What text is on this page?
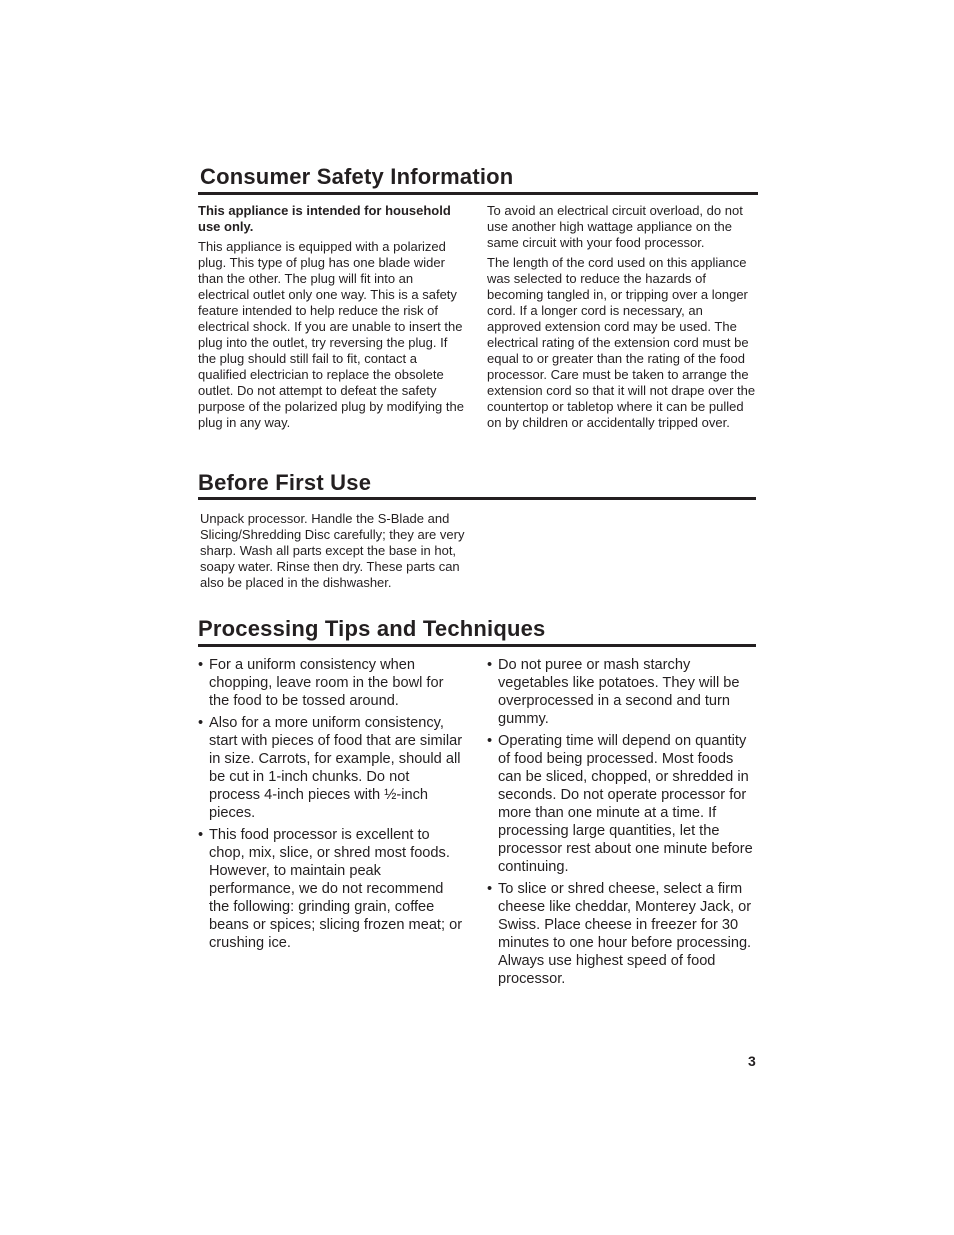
Consumer Safety Information

This appliance is intended for household use only.

This appliance is equipped with a polarized plug. This type of plug has one blade wider than the other. The plug will fit into an electrical outlet only one way. This is a safety feature intended to help reduce the risk of electrical shock. If you are unable to insert the plug into the outlet, try reversing the plug. If the plug should still fail to fit, contact a qualified electrician to replace the obsolete outlet. Do not attempt to defeat the safety purpose of the polarized plug by modifying the plug in any way.

To avoid an electrical circuit overload, do not use another high wattage appliance on the same circuit with your food processor.

The length of the cord used on this appliance was selected to reduce the hazards of becoming tangled in, or tripping over a longer cord. If a longer cord is necessary, an approved extension cord may be used. The electrical rating of the extension cord must be equal to or greater than the rating of the food processor. Care must be taken to arrange the extension cord so that it will not drape over the countertop or tabletop where it can be pulled on by children or accidentally tripped over.

Before First Use

Unpack processor. Handle the S-Blade and Slicing/Shredding Disc carefully; they are very sharp. Wash all parts except the base in hot, soapy water. Rinse then dry. These parts can also be placed in the dishwasher.

Processing Tips and Techniques
• For a uniform consistency when chopping, leave room in the bowl for the food to be tossed around.
• Also for a more uniform consistency, start with pieces of food that are similar in size. Carrots, for example, should all be cut in 1-inch chunks. Do not process 4-inch pieces with ½-inch pieces.
• This food processor is excellent to chop, mix, slice, or shred most foods. However, to maintain peak performance, we do not recommend the following: grinding grain, coffee beans or spices; slicing frozen meat; or crushing ice.
• Do not puree or mash starchy vegetables like potatoes. They will be overprocessed in a second and turn gummy.
• Operating time will depend on quantity of food being processed. Most foods can be sliced, chopped, or shredded in seconds. Do not operate processor for more than one minute at a time. If processing large quantities, let the processor rest about one minute before continuing.
• To slice or shred cheese, select a firm cheese like cheddar, Monterey Jack, or Swiss. Place cheese in freezer for 30 minutes to one hour before processing. Always use highest speed of food processor.
3
